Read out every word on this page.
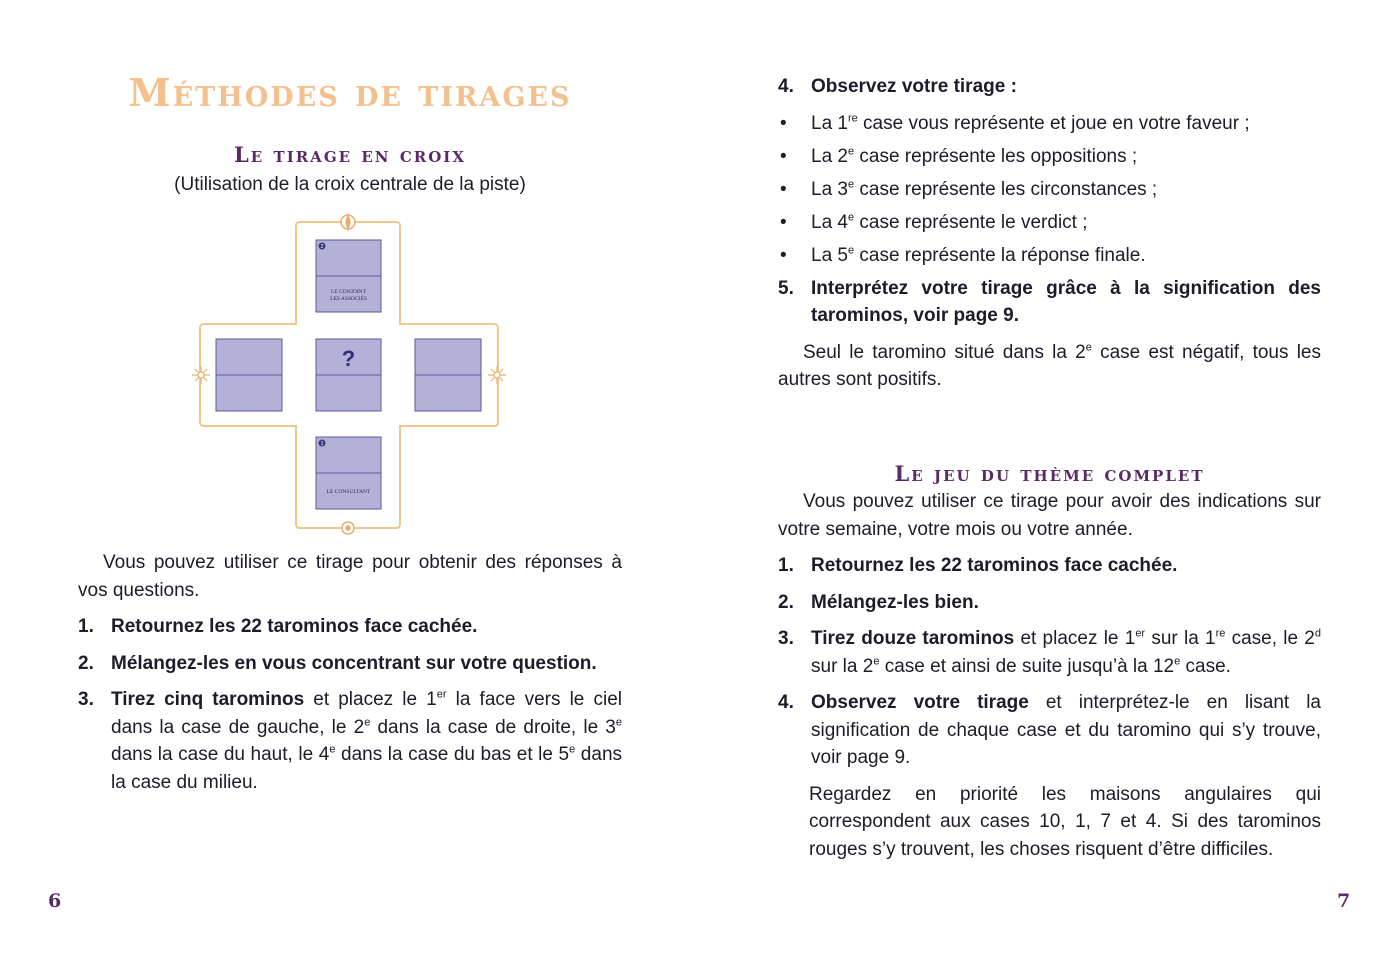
Méthodes de tirages
Le tirage en croix

(Utilisation de la croix centrale de la piste)

2
LE CONJOINT
LES ASSOCIÉS
?
1
LE CONSULTANT

Vous pouvez utiliser ce tirage pour obtenir des réponses à vos questions.

1. Retournez les 22 tarominos face cachée.
2. Mélangez-les en vous concentrant sur votre question.
3. Tirez cinq tarominos et placez le 1er la face vers le ciel dans la case de gauche, le 2e dans la case de droite, le 3e dans la case du haut, le 4e dans la case du bas et le 5e dans la case du milieu.
6
4. Observez votre tirage :
• La 1re case vous représente et joue en votre faveur ;
• La 2e case représente les oppositions ;
• La 3e case représente les circonstances ;
• La 4e case représente le verdict ;
• La 5e case représente la réponse finale.
5. Interprétez votre tirage grâce à la signification des tarominos, voir page 9.

Seul le taromino situé dans la 2e case est négatif, tous les autres sont positifs.

Le jeu du thème complet

Vous pouvez utiliser ce tirage pour avoir des indications sur votre semaine, votre mois ou votre année.

1. Retournez les 22 tarominos face cachée.
2. Mélangez-les bien.
3. Tirez douze tarominos et placez le 1er sur la 1re case, le 2$^d$ sur la 2e case et ainsi de suite jusqu’à la 12e case.
4. Observez votre tirage et interprétez-le en lisant la signification de chaque case et du taromino qui s’y trouve, voir page 9.

Regardez en priorité les maisons angulaires qui correspondent aux cases 10, 1, 7 et 4. Si des tarominos rouges s’y trouvent, les choses risquent d’être difficiles.

7
